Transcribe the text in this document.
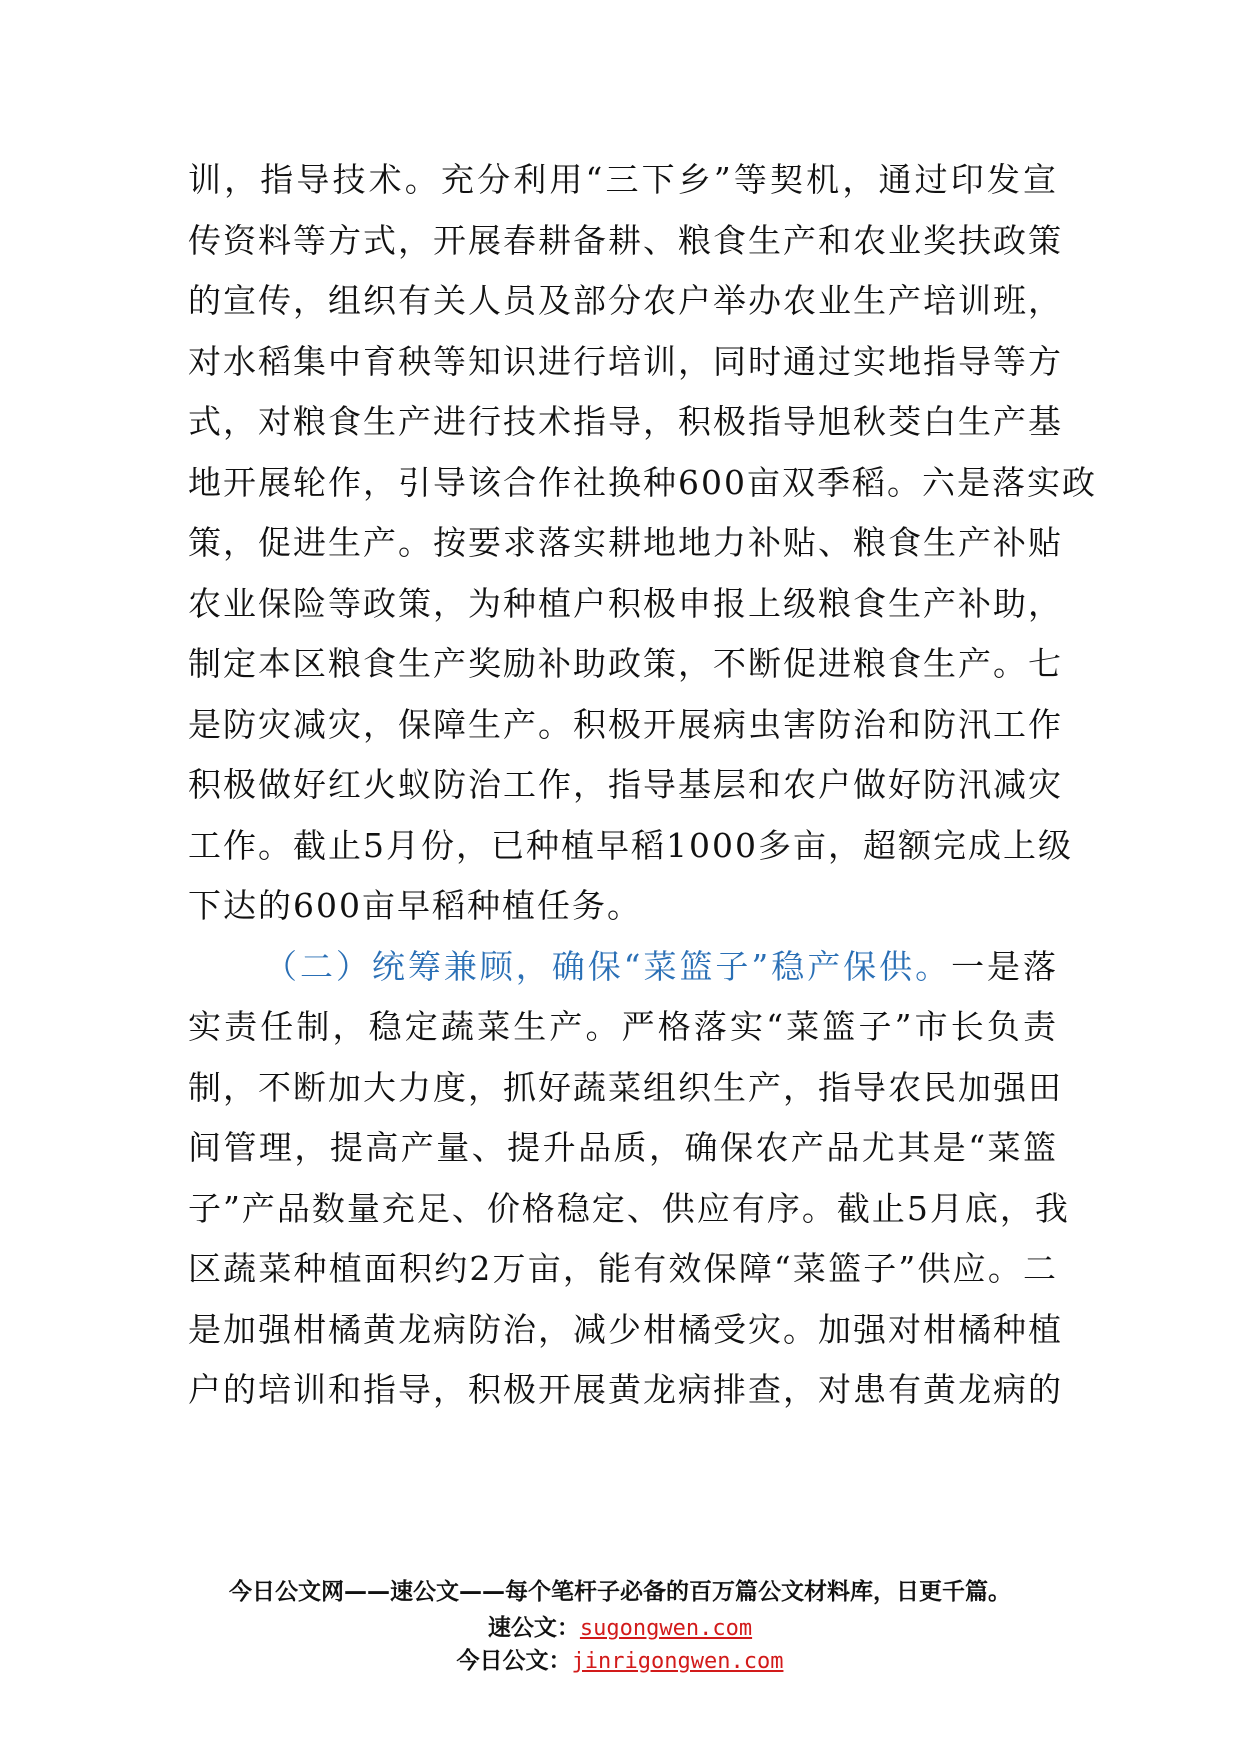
训，指导技术。充分利用“三下乡”等契机，通过印发宣
传资料等方式，开展春耕备耕、粮食生产和农业奖扶政策
的宣传，组织有关人员及部分农户举办农业生产培训班，
对水稻集中育秧等知识进行培训，同时通过实地指导等方
式，对粮食生产进行技术指导，积极指导旭秋茭白生产基
地开展轮作，引导该合作社换种600亩双季稻。六是落实政
策，促进生产。按要求落实耕地地力补贴、粮食生产补贴
农业保险等政策，为种植户积极申报上级粮食生产补助，
制定本区粮食生产奖励补助政策，不断促进粮食生产。七
是防灾减灾，保障生产。积极开展病虫害防治和防汛工作
积极做好红火蚁防治工作，指导基层和农户做好防汛减灾
工作。截止5月份，已种植早稻1000多亩，超额完成上级
下达的600亩早稻种植任务。
（二）统筹兼顾，确保“菜篮子”稳产保供。一是落
实责任制，稳定蔬菜生产。严格落实“菜篮子”市长负责
制，不断加大力度，抓好蔬菜组织生产，指导农民加强田
间管理，提高产量、提升品质，确保农产品尤其是“菜篮
子”产品数量充足、价格稳定、供应有序。截止5月底，我
区蔬菜种植面积约2万亩，能有效保障“菜篮子”供应。二
是加强柑橘黄龙病防治，减少柑橘受灾。加强对柑橘种植
户的培训和指导，积极开展黄龙病排查，对患有黄龙病的
今日公文网——速公文——每个笔杆子必备的百万篇公文材料库，日更千篇。
速公文：sugongwen.com
今日公文：jinrigongwen.com
